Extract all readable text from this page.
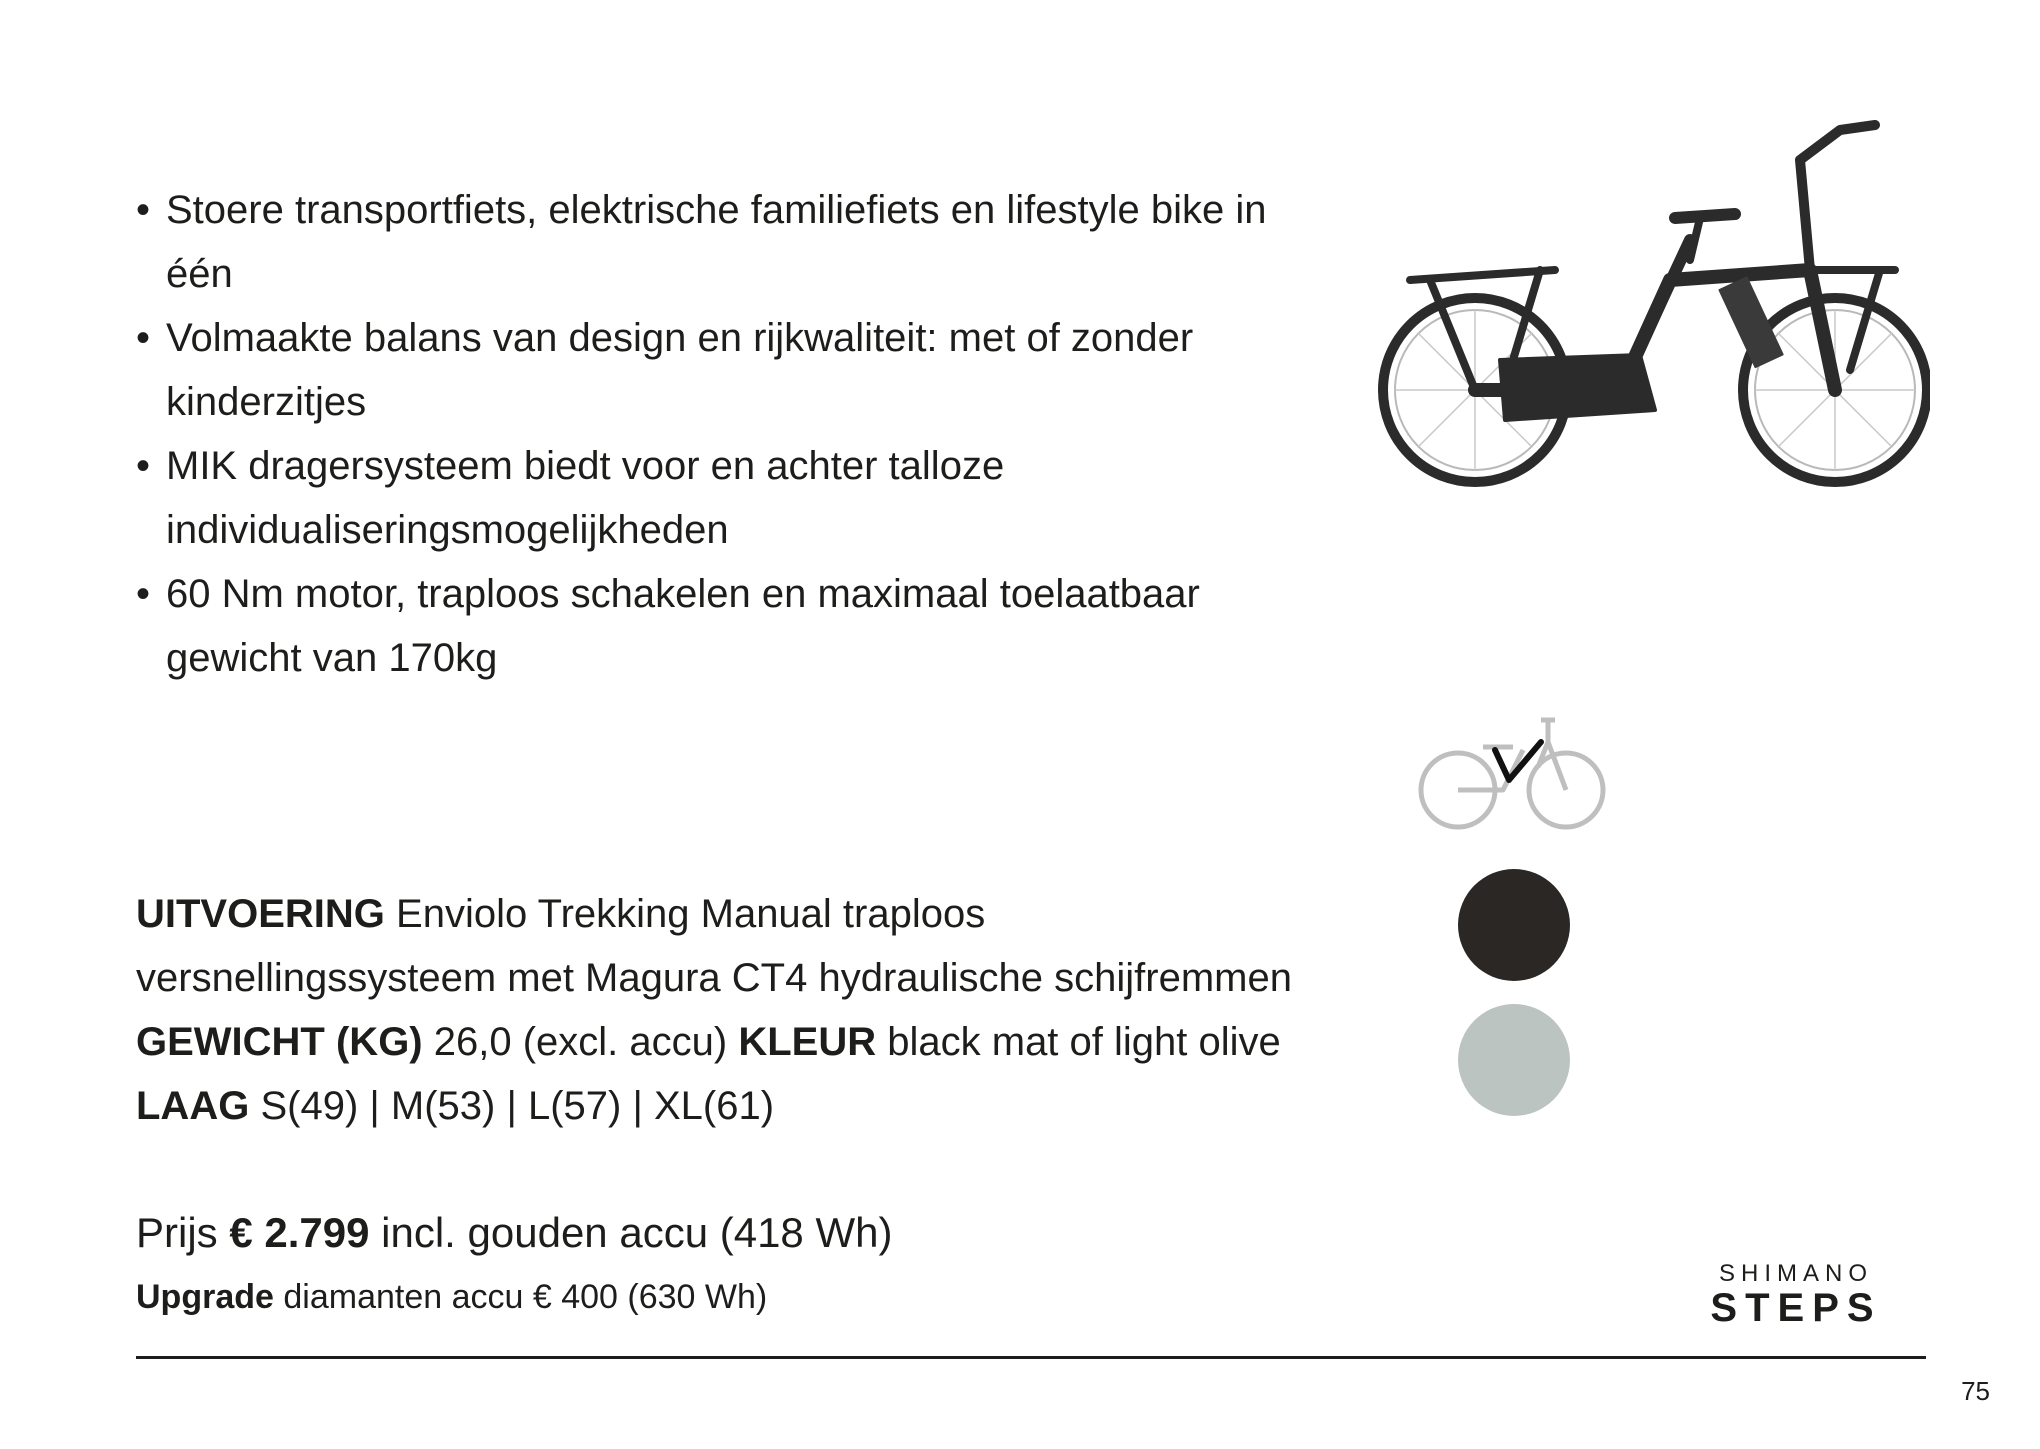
• Stoere transportfiets, elektrische familiefiets en lifestyle bike in één
• Volmaakte balans van design en rijkwaliteit: met of zonder kinderzitjes
• MIK dragersysteem biedt voor en achter talloze individualiseringsmogelijkheden
• 60 Nm motor, traploos schakelen en maximaal toelaatbaar gewicht van 170kg
UITVOERING Enviolo Trekking Manual traploos versnellingssysteem met Magura CT4 hydraulische schijfremmen GEWICHT (KG) 26,0 (excl. accu) KLEUR black mat of light olive LAAG S(49) | M(53) | L(57) | XL(61)
Prijs € 2.799 incl. gouden accu (418 Wh)
Upgrade diamanten accu € 400 (630 Wh)
SHIMANO
STEPS
75
